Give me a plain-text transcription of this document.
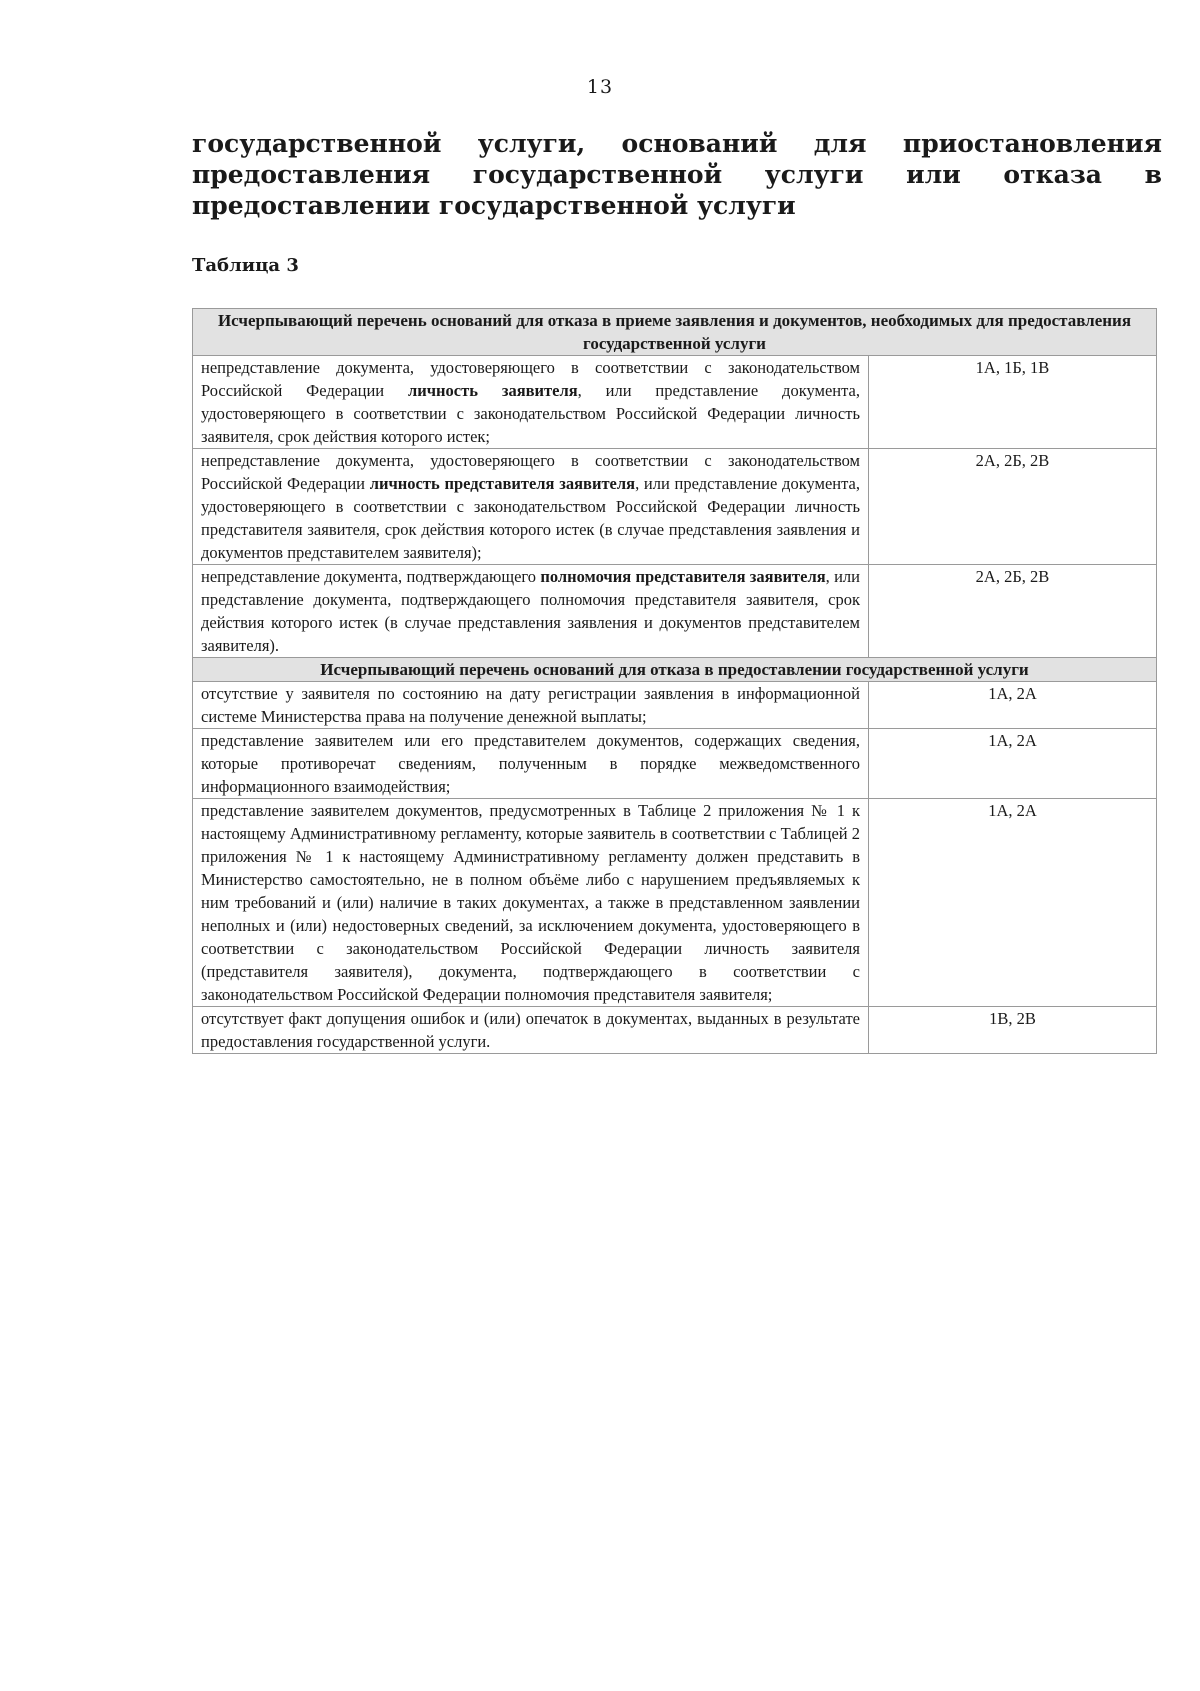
13

государственной услуги, оснований для приостановления предоставления государственной услуги или отказа в предоставлении государственной услуги

Таблица 3

Исчерпывающий перечень оснований для отказа в приеме заявления и документов, необходимых для предоставления государственной услуги	
непредставление документа, удостоверяющего в соответствии с законодательством Российской Федерации личность заявителя, или представление документа, удостоверяющего в соответствии с законодательством Российской Федерации личность заявителя, срок действия которого истек;	1А, 1Б, 1В
непредставление документа, удостоверяющего в соответствии с законодательством Российской Федерации личность представителя заявителя, или представление документа, удостоверяющего в соответствии с законодательством Российской Федерации личность представителя заявителя, срок действия которого истек (в случае представления заявления и документов представителем заявителя);	2А, 2Б, 2В
непредставление документа, подтверждающего полномочия представителя заявителя, или представление документа, подтверждающего полномочия представителя заявителя, срок действия которого истек (в случае представления заявления и документов представителем заявителя).	2А, 2Б, 2В
Исчерпывающий перечень оснований для отказа в предоставлении государственной услуги	
отсутствие у заявителя по состоянию на дату регистрации заявления в информационной системе Министерства права на получение денежной выплаты;	1А, 2А
представление заявителем или его представителем документов, содержащих сведения, которые противоречат сведениям, полученным в порядке межведомственного информационного взаимодействия;	1А, 2А
представление заявителем документов, предусмотренных в Таблице 2 приложения № 1 к настоящему Административному регламенту, которые заявитель в соответствии с Таблицей 2 приложения № 1 к настоящему Административному регламенту должен представить в Министерство самостоятельно, не в полном объёме либо с нарушением предъявляемых к ним требований и (или) наличие в таких документах, а также в представленном заявлении неполных и (или) недостоверных сведений, за исключением документа, удостоверяющего в соответствии с законодательством Российской Федерации личность заявителя (представителя заявителя), документа, подтверждающего в соответствии с законодательством Российской Федерации полномочия представителя заявителя;	1А, 2А
отсутствует факт допущения ошибок и (или) опечаток в документах, выданных в результате предоставления государственной услуги.	1В, 2В
